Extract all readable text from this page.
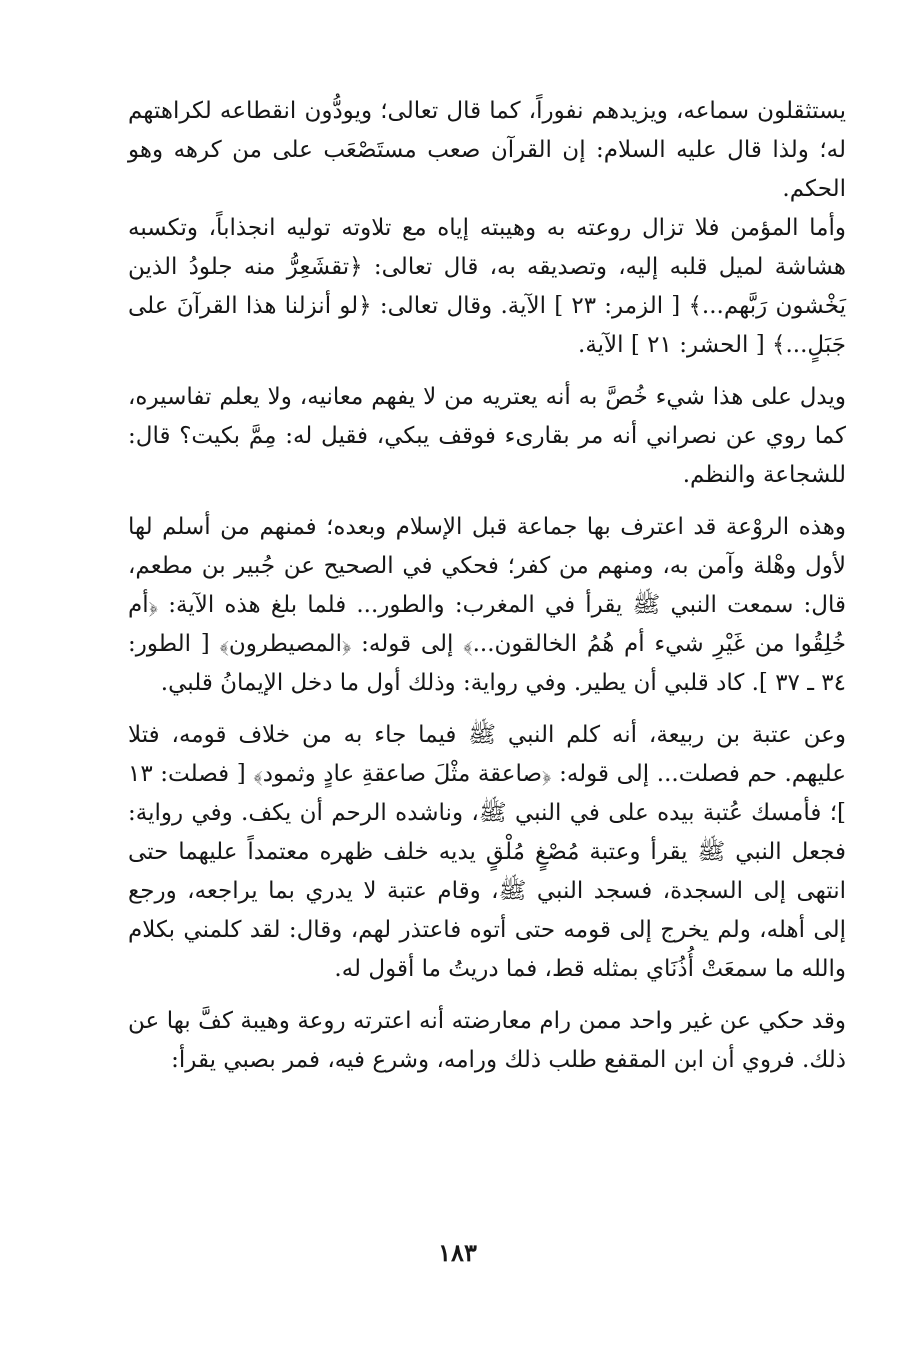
يستثقلون سماعه، ويزيدهم نفوراً، كما قال تعالى؛ ويودُّون انقطاعه لكراهتهم له؛ ولذا قال عليه السلام: إن القرآن صعب مستَصْعَب على من كرهه وهو الحكم.

وأما المؤمن فلا تزال روعته به وهيبته إياه مع تلاوته توليه انجذاباً، وتكسبه هشاشة لميل قلبه إليه، وتصديقه به، قال تعالى: ﴿تقشَعِرُّ منه جلودُ الذين يَخْشون رَبَّهم...﴾ [ الزمر: ٢٣ ] الآية. وقال تعالى: ﴿لو أنزلنا هذا القرآنَ على جَبَلٍ...﴾ [ الحشر: ٢١ ] الآية.

ويدل على هذا شيء خُصَّ به أنه يعتريه من لا يفهم معانيه، ولا يعلم تفاسيره، كما روي عن نصراني أنه مر بقارىء فوقف يبكي، فقيل له: مِمَّ بكيت؟ قال: للشجاعة والنظم.

وهذه الروْعة قد اعترف بها جماعة قبل الإسلام وبعده؛ فمنهم من أسلم لها لأول وهْلة وآمن به، ومنهم من كفر؛ فحكي في الصحيح عن جُبير بن مطعم، قال: سمعت النبي ﷺ يقرأ في المغرب: والطور... فلما بلغ هذه الآية: ﴿أم خُلِقُوا من غَيْرِ شيء أم هُمُ الخالقون...﴾ إلى قوله: ﴿المصيطرون﴾ [ الطور: ٣٤ ـ ٣٧ ]. كاد قلبي أن يطير. وفي رواية: وذلك أول ما دخل الإيمانُ قلبي.

وعن عتبة بن ربيعة، أنه كلم النبي ﷺ فيما جاء به من خلاف قومه، فتلا عليهم. حم فصلت... إلى قوله: ﴿صاعقة مثْلَ صاعقةِ عادٍ وثمود﴾ [ فصلت: ١٣ ]؛ فأمسك عُتبة بيده على في النبي ﷺ، وناشده الرحم أن يكف. وفي رواية: فجعل النبي ﷺ يقرأ وعتبة مُصْغٍ مُلْقٍ يديه خلف ظهره معتمداً عليهما حتى انتهى إلى السجدة، فسجد النبي ﷺ، وقام عتبة لا يدري بما يراجعه، ورجع إلى أهله، ولم يخرج إلى قومه حتى أتوه فاعتذر لهم، وقال: لقد كلمني بكلام والله ما سمعَتْ أُذُنَاي بمثله قط، فما دريتُ ما أقول له.

وقد حكي عن غير واحد ممن رام معارضته أنه اعترته روعة وهيبة كفَّ بها عن ذلك. فروي أن ابن المقفع طلب ذلك ورامه، وشرع فيه، فمر بصبي يقرأ:

١٨٣
